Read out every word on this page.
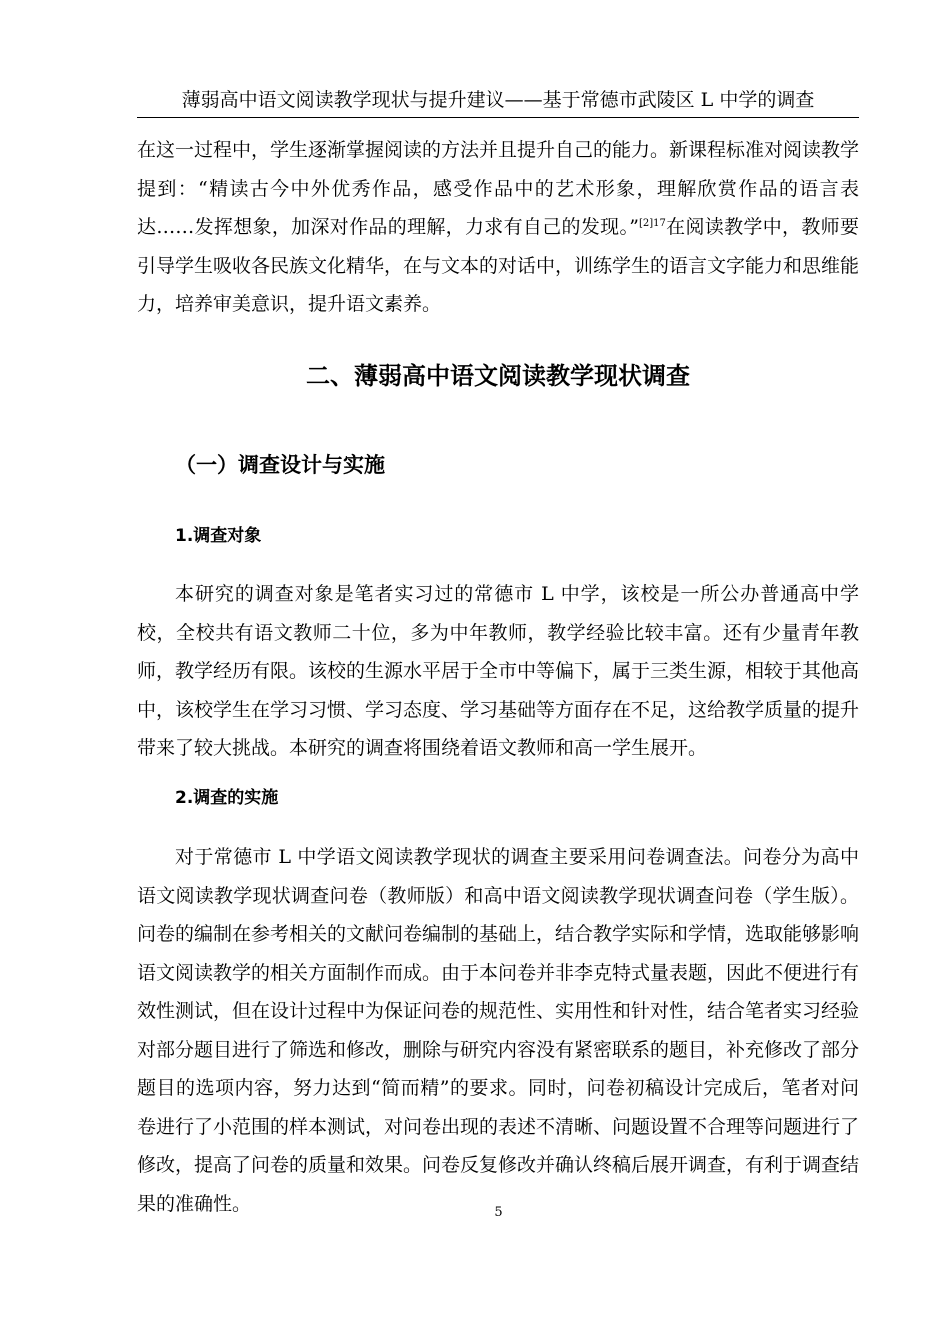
薄弱高中语文阅读教学现状与提升建议——基于常德市武陵区 L 中学的调查

在这一过程中，学生逐渐掌握阅读的方法并且提升自己的能力。新课程标准对阅读教学提到：“精读古今中外优秀作品，感受作品中的艺术形象，理解欣赏作品的语言表达……发挥想象，加深对作品的理解，力求有自己的发现。”$^{[2]17}$在阅读教学中，教师要引导学生吸收各民族文化精华，在与文本的对话中，训练学生的语言文字能力和思维能力，培养审美意识，提升语文素养。

二、薄弱高中语文阅读教学现状调查
（一）调查设计与实施
1.调查对象

本研究的调查对象是笔者实习过的常德市 L 中学，该校是一所公办普通高中学校，全校共有语文教师二十位，多为中年教师，教学经验比较丰富。还有少量青年教师，教学经历有限。该校的生源水平居于全市中等偏下，属于三类生源，相较于其他高中，该校学生在学习习惯、学习态度、学习基础等方面存在不足，这给教学质量的提升带来了较大挑战。本研究的调查将围绕着语文教师和高一学生展开。

2.调查的实施

对于常德市 L 中学语文阅读教学现状的调查主要采用问卷调查法。问卷分为高中语文阅读教学现状调查问卷（教师版）和高中语文阅读教学现状调查问卷（学生版）。问卷的编制在参考相关的文献问卷编制的基础上，结合教学实际和学情，选取能够影响语文阅读教学的相关方面制作而成。由于本问卷并非李克特式量表题，因此不便进行有效性测试，但在设计过程中为保证问卷的规范性、实用性和针对性，结合笔者实习经验对部分题目进行了筛选和修改，删除与研究内容没有紧密联系的题目，补充修改了部分题目的选项内容，努力达到“简而精”的要求。同时，问卷初稿设计完成后，笔者对问卷进行了小范围的样本测试，对问卷出现的表述不清晰、问题设置不合理等问题进行了修改，提高了问卷的质量和效果。问卷反复修改并确认终稿后展开调查，有利于调查结果的准确性。	5
